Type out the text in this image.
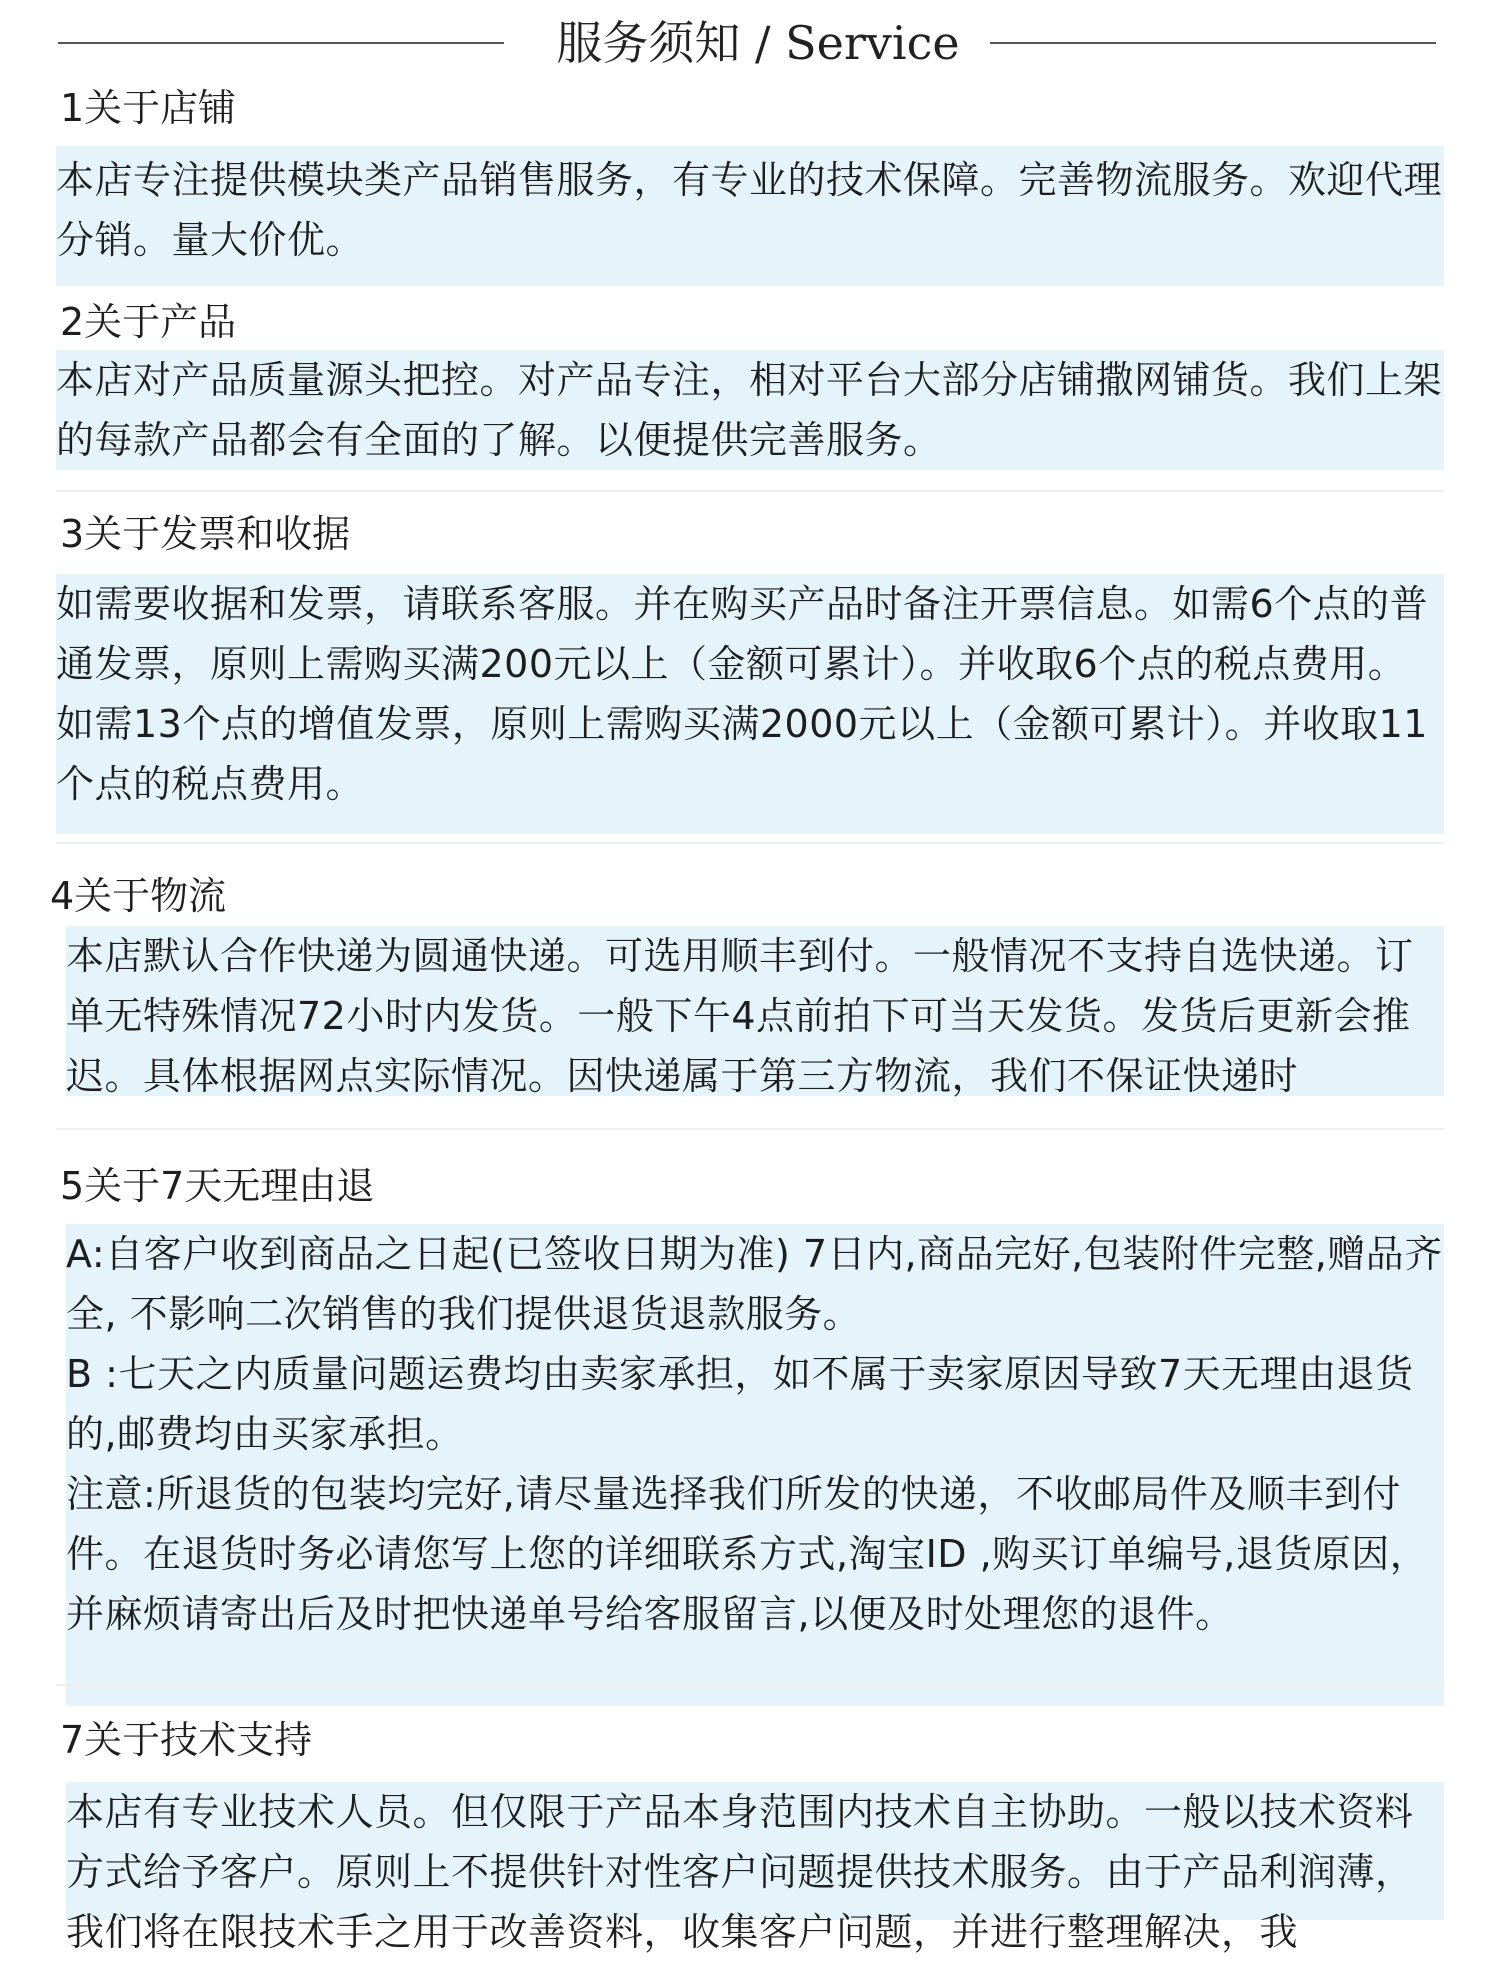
服务须知 / Service
1关于店铺

本店专注提供模块类产品销售服务，有专业的技术保障。完善物流服务。欢迎代理分销。量大价优。

2关于产品

本店对产品质量源头把控。对产品专注，相对平台大部分店铺撒网铺货。我们上架的每款产品都会有全面的了解。以便提供完善服务。

3关于发票和收据

如需要收据和发票，请联系客服。并在购买产品时备注开票信息。如需6个点的普通发票，原则上需购买满200元以上（金额可累计）。并收取6个点的税点费用。如需13个点的增值发票，原则上需购买满2000元以上（金额可累计）。并收取11个点的税点费用。

4关于物流

本店默认合作快递为圆通快递。可选用顺丰到付。一般情况不支持自选快递。订单无特殊情况72小时内发货。一般下午4点前拍下可当天发货。发货后更新会推迟。具体根据网点实际情况。因快递属于第三方物流，我们不保证快递时

5关于7天无理由退

A:自客户收到商品之日起(已签收日期为准) 7日内,商品完好,包装附件完整,赠品齐全, 不影响二次销售的我们提供退货退款服务。

B :七天之内质量问题运费均由卖家承担，如不属于卖家原因导致7天无理由退货的,邮费均由买家承担。

注意:所退货的包装均完好,请尽量选择我们所发的快递，不收邮局件及顺丰到付件。在退货时务必请您写上您的详细联系方式,淘宝ID ,购买订单编号,退货原因，并麻烦请寄出后及时把快递单号给客服留言,以便及时处理您的退件。

7关于技术支持

本店有专业技术人员。但仅限于产品本身范围内技术自主协助。一般以技术资料方式给予客户。原则上不提供针对性客户问题提供技术服务。由于产品利润薄，我们将在限技术手之用于改善资料，收集客户问题，并进行整理解决，我
